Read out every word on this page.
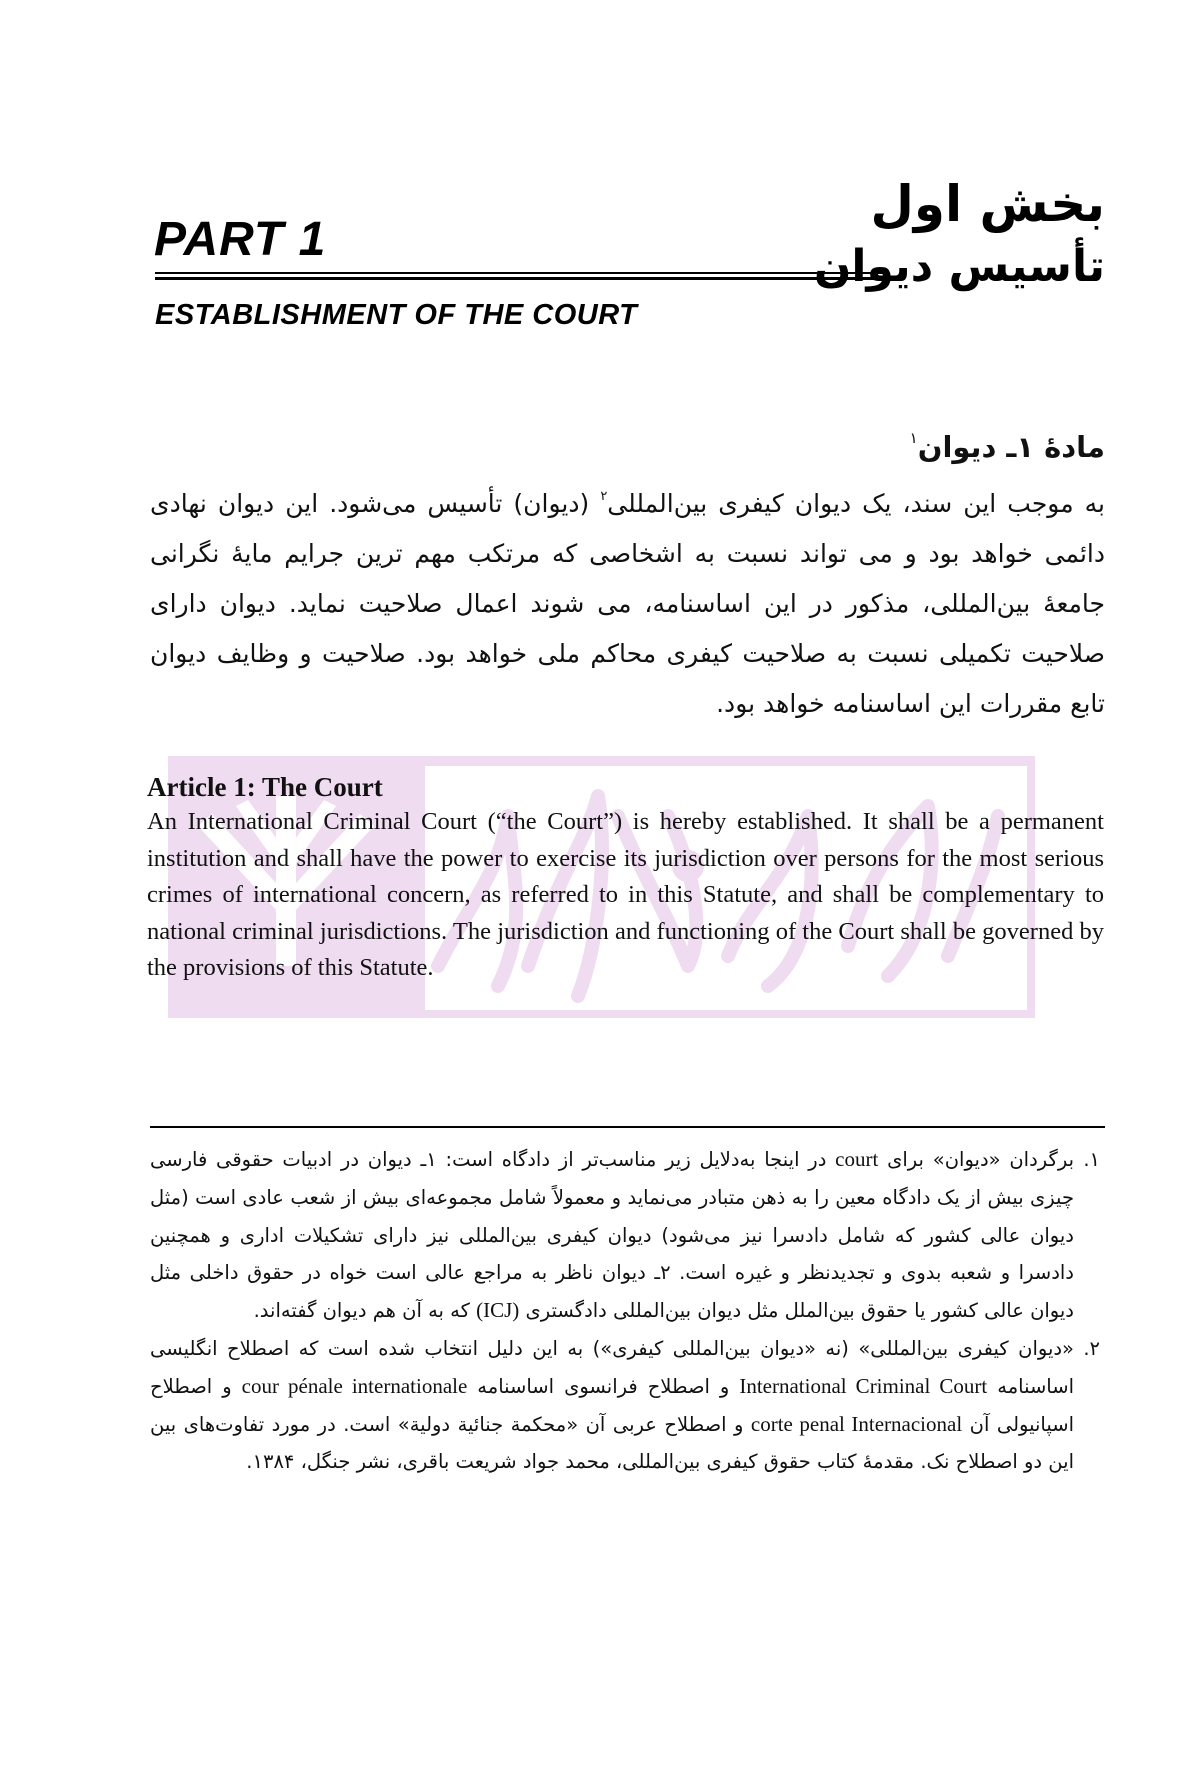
PART 1
ESTABLISHMENT OF THE COURT
بخش اول
تأسیس دیوان
مادهٔ ۱ـ دیوان$^۱$
به موجب این سند، یک دیوان کیفری بین‌المللی$^۲$ (دیوان) تأسیس می‌شود. این دیوان نهادی دائمی خواهد بود و می تواند نسبت به اشخاصی که مرتکب مهم ترین جرایم مایهٔ نگرانی جامعهٔ بین‌المللی، مذکور در این اساسنامه، می شوند اعمال صلاحیت نماید. دیوان دارای صلاحیت تکمیلی نسبت به صلاحیت کیفری محاکم ملی خواهد بود. صلاحیت و وظایف دیوان تابع مقررات این اساسنامه خواهد بود.

Article 1: The Court

An International Criminal Court (“the Court”) is hereby established. It shall be a permanent institution and shall have the power to exercise its jurisdiction over persons for the most serious crimes of international concern, as referred to in this Statute, and shall be complementary to national criminal jurisdictions. The jurisdiction and functioning of the Court shall be governed by the provisions of this Statute.

۱.
برگردان «دیوان» برای court در اینجا به‌دلایل زیر مناسب‌تر از دادگاه است: ۱ـ دیوان در ادبیات حقوقی فارسی چیزی بیش از یک دادگاه معین را به ذهن متبادر می‌نماید و معمولاً شامل مجموعه‌ای بیش از شعب عادی است (مثل دیوان عالی کشور که شامل دادسرا نیز می‌شود) دیوان کیفری بین‌المللی نیز دارای تشکیلات اداری و همچنین دادسرا و شعبه بدوی و تجدیدنظر و غیره است. ۲ـ دیوان ناظر به مراجع عالی است خواه در حقوق داخلی مثل دیوان عالی کشور یا حقوق بین‌الملل مثل دیوان بین‌المللی دادگستری (ICJ) که به آن هم دیوان گفته‌اند.

۲.
«دیوان کیفری بین‌المللی» (نه «دیوان بین‌المللی کیفری») به این دلیل انتخاب شده است که اصطلاح انگلیسی اساسنامه International Criminal Court و اصطلاح فرانسوی اساسنامه cour pénale internationale و اصطلاح اسپانیولی آن corte penal Internacional و اصطلاح عربی آن «محكمة جنائية دولية» است. در مورد تفاوت‌های بین این دو اصطلاح نک. مقدمهٔ کتاب حقوق کیفری بین‌المللی، محمد جواد شریعت باقری، نشر جنگل، ۱۳۸۴.
